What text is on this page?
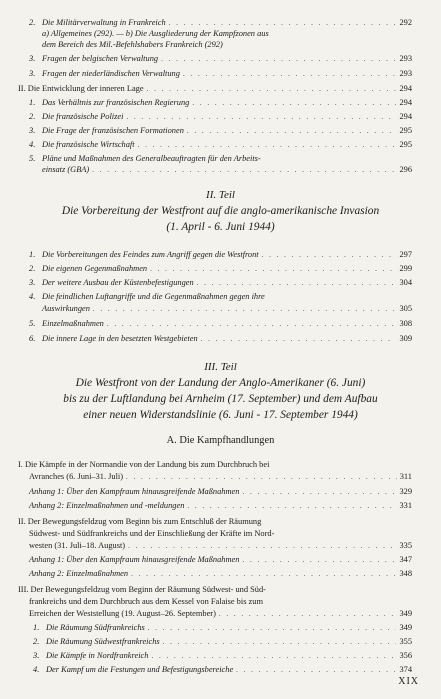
2. Die Militärverwaltung in Frankreich . . .	292
a) Allgemeines (292). — b) Die Ausgliederung der Kampfzonen aus
dem Bereich des Mil.-Befehlshabers Frankreich (292)
3. Fragen der belgischen Verwaltung . . .	293
3. Fragen der niederländischen Verwaltung . . .	293
II. Die Entwicklung der inneren Lage . . .	294
1. Das Verhältnis zur französischen Regierung . . .	294
2. Die französische Polizei . . .	294
3. Die Frage der französischen Formationen . . .	295
4. Die französische Wirtschaft . . .	295
5. Pläne und Maßnahmen des Generalbeauftragten für den Arbeits-
einsatz (GBA) . . .	296
II. Teil
Die Vorbereitung der Westfront auf die anglo-amerikanische Invasion
(1. April - 6. Juni 1944)
1. Die Vorbereitungen des Feindes zum Angriff gegen die Westfront . . .	297
2. Die eigenen Gegenmaßnahmen . . .	299
3. Der weitere Ausbau der Küstenbefestigungen . . .	304
4. Die feindlichen Luftangriffe und die Gegenmaßnahmen gegen ihre
Auswirkungen . . .	305
5. Einzelmaßnahmen . . .	308
6. Die innere Lage in den besetzten Westgebieten . . .	309
III. Teil
Die Westfront von der Landung der Anglo-Amerikaner (6. Juni)
bis zu der Luftlandung bei Arnheim (17. September) und dem Aufbau
einer neuen Widerstandslinie (6. Juni - 17. September 1944)
A. Die Kampfhandlungen
I. Die Kämpfe in der Normandie von der Landung bis zum Durchbruch bei
Avranches (6. Juni–31. Juli) . . .	311
Anhang 1: Über den Kampfraum hinausgreifende Maßnahmen . . .	329
Anhang 2: Einzelmaßnahmen und -meldungen . . .	331
II. Der Bewegungsfeldzug vom Beginn bis zum Entschluß der Räumung
Südwest- und Südfrankreichs und der Einschließung der Kräfte im Nord-
westen (31. Juli–18. August) . . .	335
Anhang 1: Über den Kampfraum hinausgreifende Maßnahmen . . .	347
Anhang 2: Einzelmaßnahmen . . .	348
III. Der Bewegungsfeldzug vom Beginn der Räumung Südwest- und Süd-
frankreichs und dem Durchbruch aus dem Kessel von Falaise bis zum
Erreichen der Weststellung (19. August–26. September) . . .	349
1. Die Räumung Südfrankreichs . . .	349
2. Die Räumung Südwestfrankreichs . . .	355
3. Die Kämpfe in Nordfrankreich . . .	356
4. Der Kampf um die Festungen und Befestigungsbereiche . . .	374
XIX
